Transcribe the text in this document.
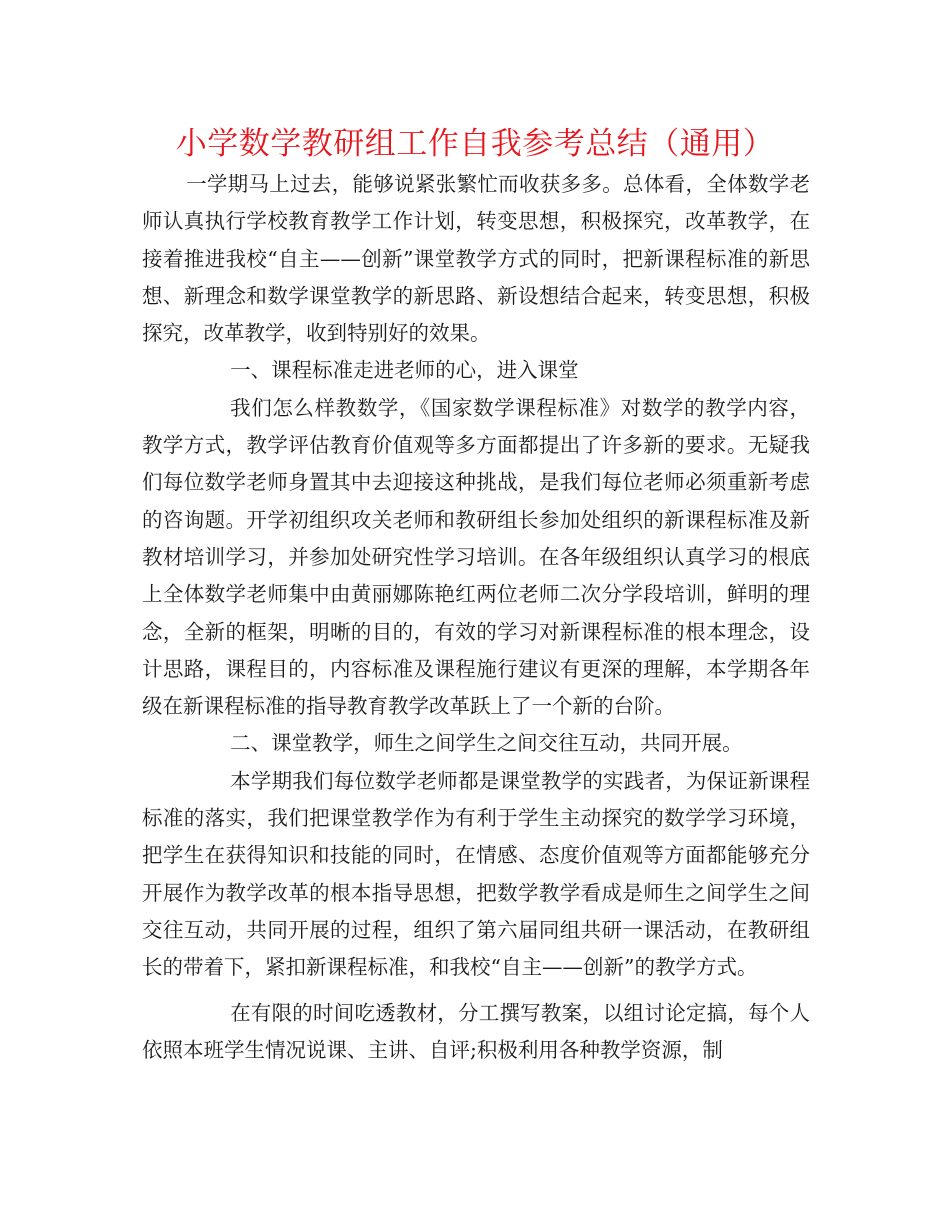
小学数学教研组工作自我参考总结（通用）

一学期马上过去，能够说紧张繁忙而收获多多。总体看，全体数学老师认真执行学校教育教学工作计划，转变思想，积极探究，改革教学，在接着推进我校“自主——创新”课堂教学方式的同时，把新课程标准的新思想、新理念和数学课堂教学的新思路、新设想结合起来，转变思想，积极探究，改革教学，收到特别好的效果。

一、课程标准走进老师的心，进入课堂

我们怎么样教数学，《国家数学课程标准》对数学的教学内容，教学方式，教学评估教育价值观等多方面都提出了许多新的要求。无疑我们每位数学老师身置其中去迎接这种挑战，是我们每位老师必须重新考虑的咨询题。开学初组织攻关老师和教研组长参加处组织的新课程标准及新教材培训学习，并参加处研究性学习培训。在各年级组织认真学习的根底上全体数学老师集中由黄丽娜陈艳红两位老师二次分学段培训，鲜明的理念，全新的框架，明晰的目的，有效的学习对新课程标准的根本理念，设计思路，课程目的，内容标准及课程施行建议有更深的理解，本学期各年级在新课程标准的指导教育教学改革跃上了一个新的台阶。

二、课堂教学，师生之间学生之间交往互动，共同开展。

本学期我们每位数学老师都是课堂教学的实践者，为保证新课程标准的落实，我们把课堂教学作为有利于学生主动探究的数学学习环境，把学生在获得知识和技能的同时，在情感、态度价值观等方面都能够充分开展作为教学改革的根本指导思想，把数学教学看成是师生之间学生之间交往互动，共同开展的过程，组织了第六届同组共研一课活动，在教研组长的带着下，紧扣新课程标准，和我校“自主——创新”的教学方式。

在有限的时间吃透教材，分工撰写教案，以组讨论定搞，每个人依照本班学生情况说课、主讲、自评;积极利用各种教学资源，制
